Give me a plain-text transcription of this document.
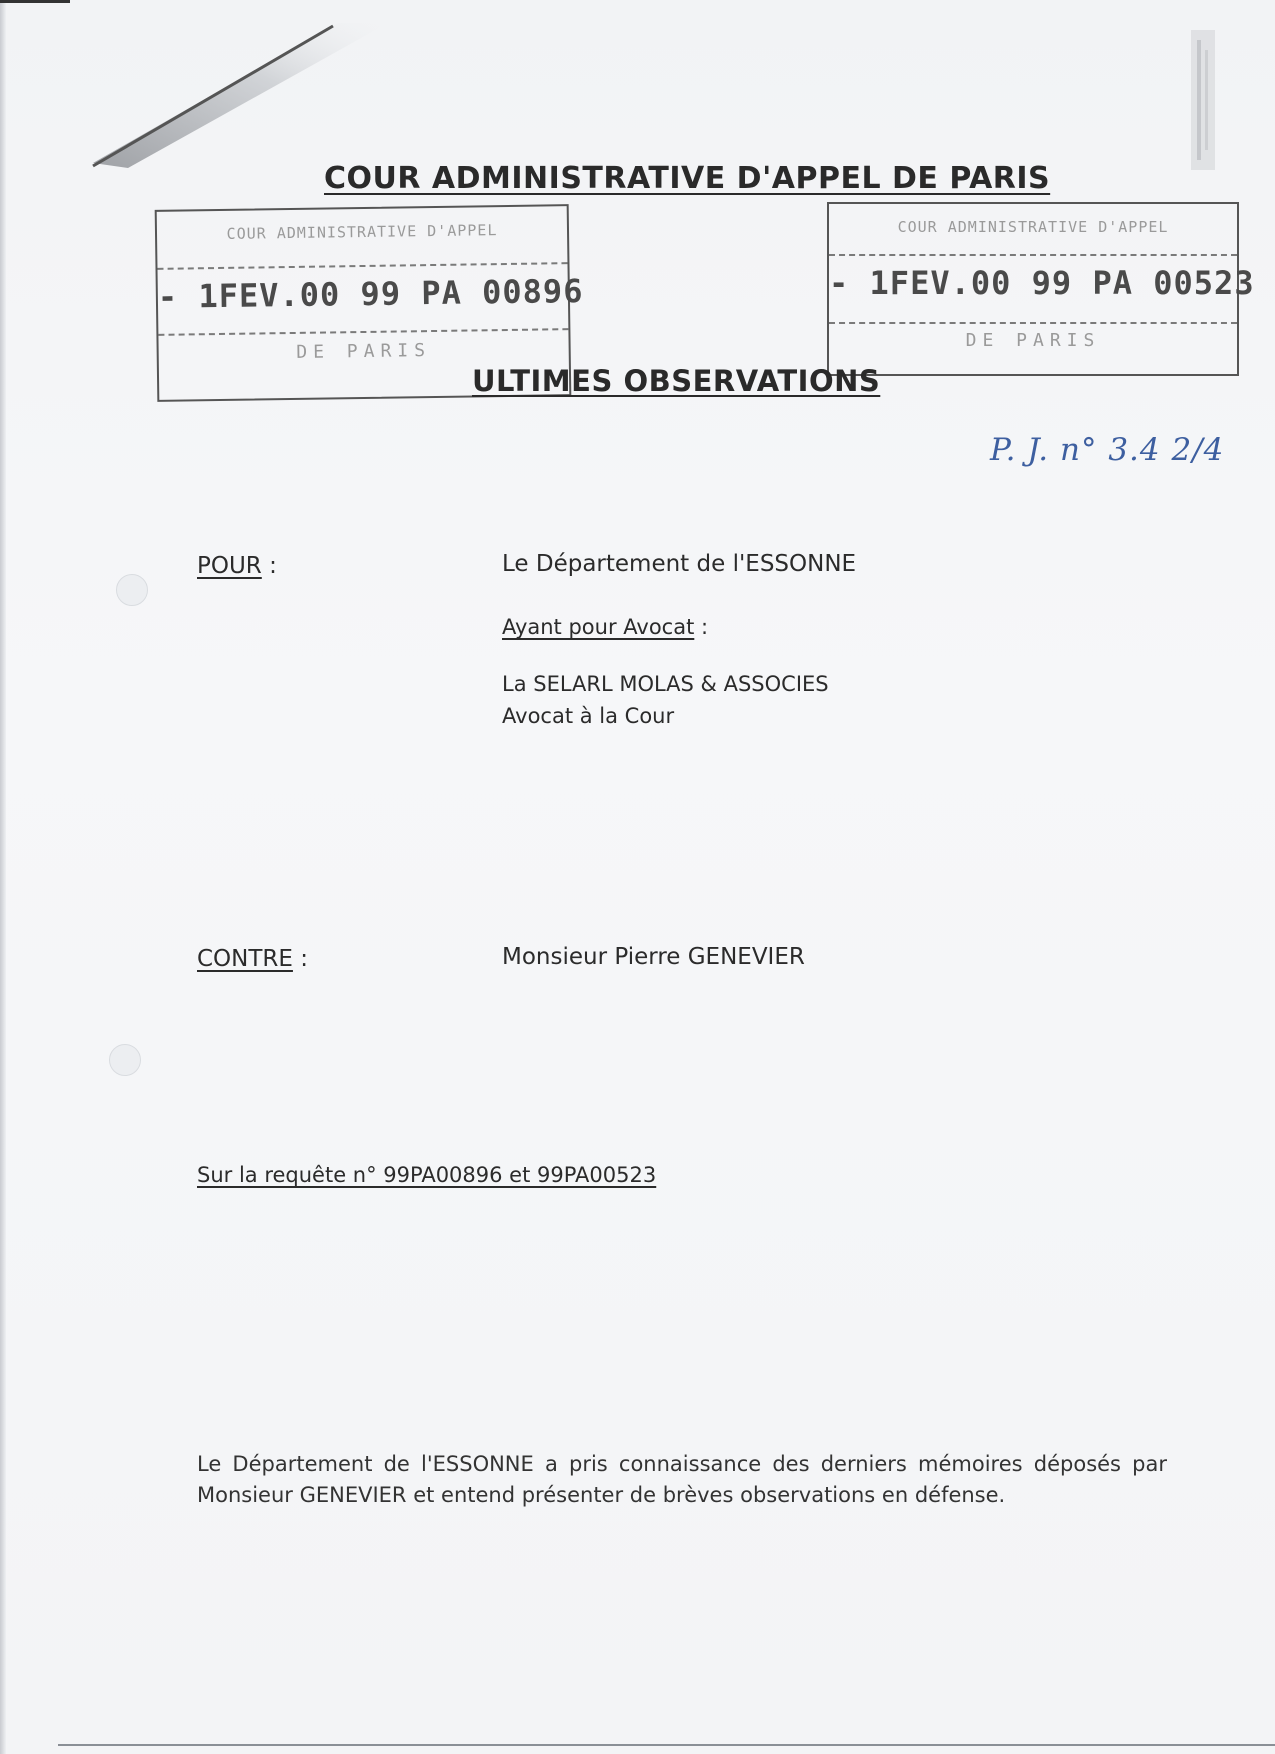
COUR ADMINISTRATIVE D'APPEL DE PARIS
COUR ADMINISTRATIVE D'APPEL
- 1FEV.00 99 PA 00896
DE PARIS
COUR ADMINISTRATIVE D'APPEL
- 1FEV.00 99 PA 00523
DE PARIS
ULTIMES OBSERVATIONS
P. J. n° 3.4 2/4
POUR :	Le Département de l'ESSONNE
Ayant pour Avocat :
La SELARL MOLAS & ASSOCIES
Avocat à la Cour
CONTRE :	Monsieur Pierre GENEVIER
Sur la requête n° 99PA00896 et 99PA00523
Le Département de l'ESSONNE a pris connaissance des derniers mémoires déposés par Monsieur GENEVIER et entend présenter de brèves observations en défense.
